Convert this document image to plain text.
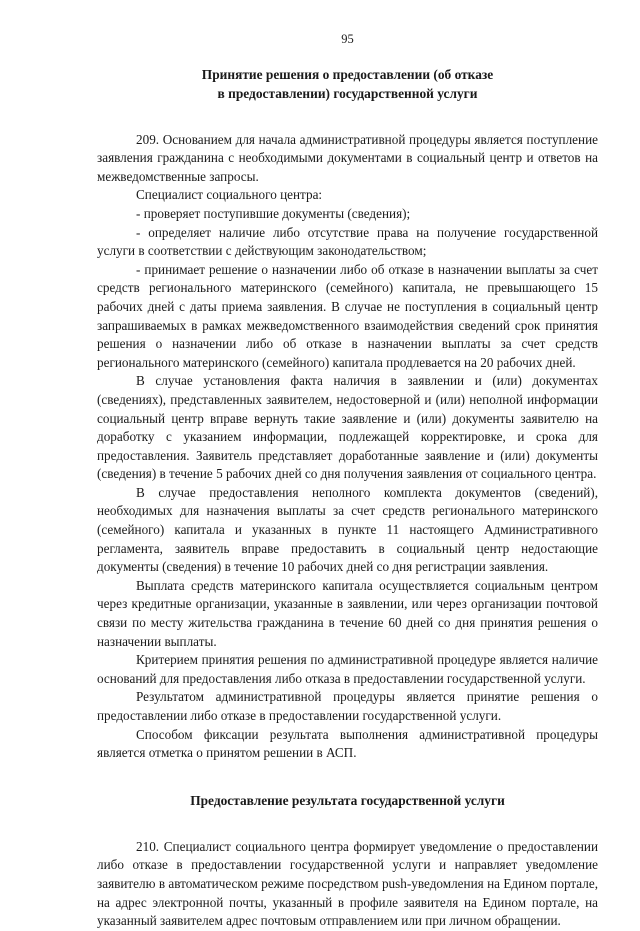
95
Принятие решения о предоставлении (об отказе
в предоставлении) государственной услуги

209. Основанием для начала административной процедуры является поступление заявления гражданина с необходимыми документами в социальный центр и ответов на межведомственные запросы.

Специалист социального центра:

- проверяет поступившие документы (сведения);

- определяет наличие либо отсутствие права на получение государственной услуги в соответствии с действующим законодательством;

- принимает решение о назначении либо об отказе в назначении выплаты за счет средств регионального материнского (семейного) капитала, не превышающего 15 рабочих дней с даты приема заявления. В случае не поступления в социальный центр запрашиваемых в рамках межведомственного взаимодействия сведений срок принятия решения о назначении либо об отказе в назначении выплаты за счет средств регионального материнского (семейного) капитала продлевается на 20 рабочих дней.

В случае установления факта наличия в заявлении и (или) документах (сведениях), представленных заявителем, недостоверной и (или) неполной информации социальный центр вправе вернуть такие заявление и (или) документы заявителю на доработку с указанием информации, подлежащей корректировке, и срока для предоставления. Заявитель представляет доработанные заявление и (или) документы (сведения) в течение 5 рабочих дней со дня получения заявления от социального центра.

В случае предоставления неполного комплекта документов (сведений), необходимых для назначения выплаты за счет средств регионального материнского (семейного) капитала и указанных в пункте 11 настоящего Административного регламента, заявитель вправе предоставить в социальный центр недостающие документы (сведения) в течение 10 рабочих дней со дня регистрации заявления.

Выплата средств материнского капитала осуществляется социальным центром через кредитные организации, указанные в заявлении, или через организации почтовой связи по месту жительства гражданина в течение 60 дней со дня принятия решения о назначении выплаты.

Критерием принятия решения по административной процедуре является наличие оснований для предоставления либо отказа в предоставлении государственной услуги.

Результатом административной процедуры является принятие решения о предоставлении либо отказе в предоставлении государственной услуги.

Способом фиксации результата выполнения административной процедуры является отметка о принятом решении в АСП.

Предоставление результата государственной услуги

210. Специалист социального центра формирует уведомление о предоставлении либо отказе в предоставлении государственной услуги и направляет уведомление заявителю в автоматическом режиме посредством push-уведомления на Едином портале, на адрес электронной почты, указанный в профиле заявителя на Едином портале, на указанный заявителем адрес почтовым отправлением или при личном обращении.
